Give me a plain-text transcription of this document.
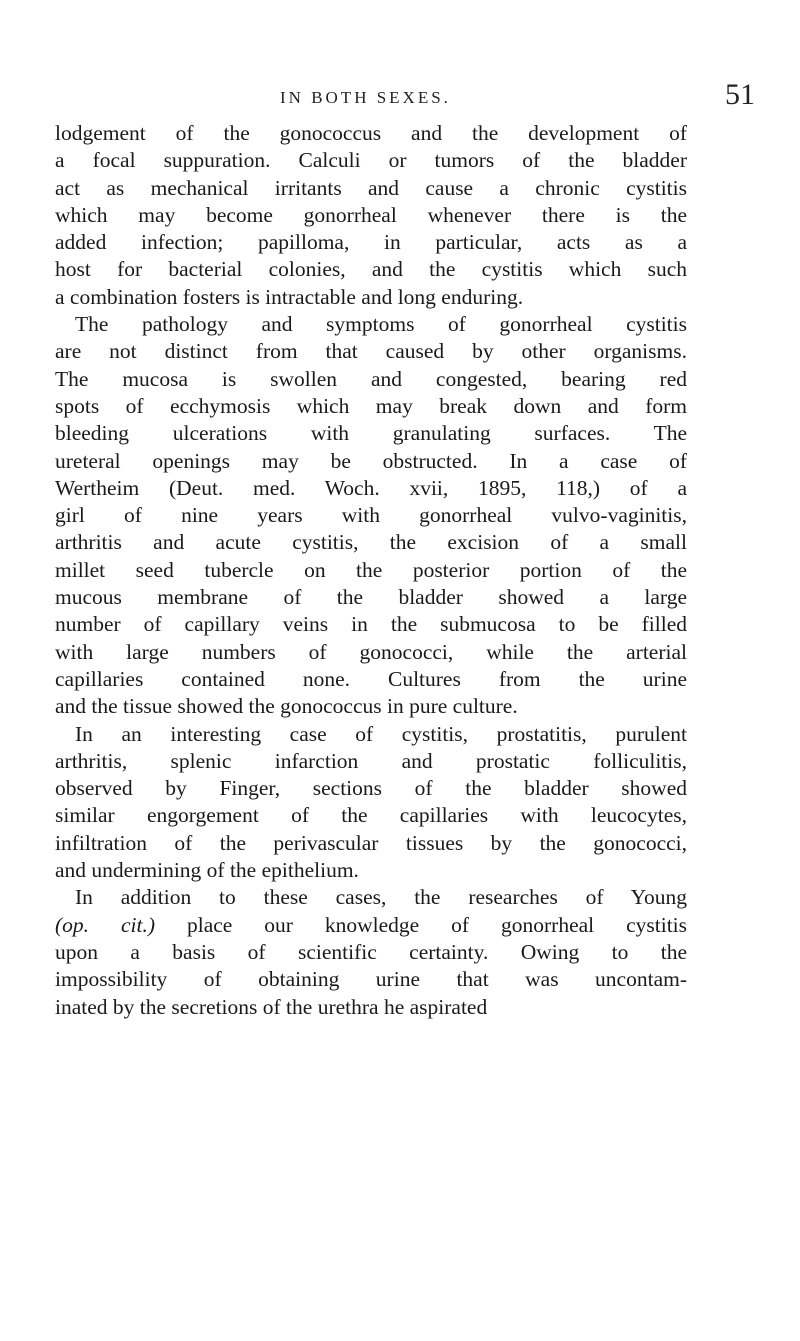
IN BOTH SEXES.	51
lodgement of the gonococcus and the development of
a focal suppuration. Calculi or tumors of the bladder
act as mechanical irritants and cause a chronic cystitis
which may become gonorrheal whenever there is the
added infection; papilloma, in particular, acts as a
host for bacterial colonies, and the cystitis which such
a combination fosters is intractable and long enduring.
The pathology and symptoms of gonorrheal cystitis
are not distinct from that caused by other organisms.
The mucosa is swollen and congested, bearing red
spots of ecchymosis which may break down and form
bleeding ulcerations with granulating surfaces. The
ureteral openings may be obstructed. In a case of
Wertheim (Deut. med. Woch. xvii, 1895, 118,) of a
girl of nine years with gonorrheal vulvo-vaginitis,
arthritis and acute cystitis, the excision of a small
millet seed tubercle on the posterior portion of the
mucous membrane of the bladder showed a large
number of capillary veins in the submucosa to be filled
with large numbers of gonococci, while the arterial
capillaries contained none. Cultures from the urine
and the tissue showed the gonococcus in pure culture.
In an interesting case of cystitis, prostatitis, purulent
arthritis, splenic infarction and prostatic folliculitis,
observed by Finger, sections of the bladder showed
similar engorgement of the capillaries with leucocytes,
infiltration of the perivascular tissues by the gonococci,
and undermining of the epithelium.
In addition to these cases, the researches of Young
(op. cit.) place our knowledge of gonorrheal cystitis
upon a basis of scientific certainty. Owing to the
impossibility of obtaining urine that was uncontam-
inated by the secretions of the urethra he aspirated
